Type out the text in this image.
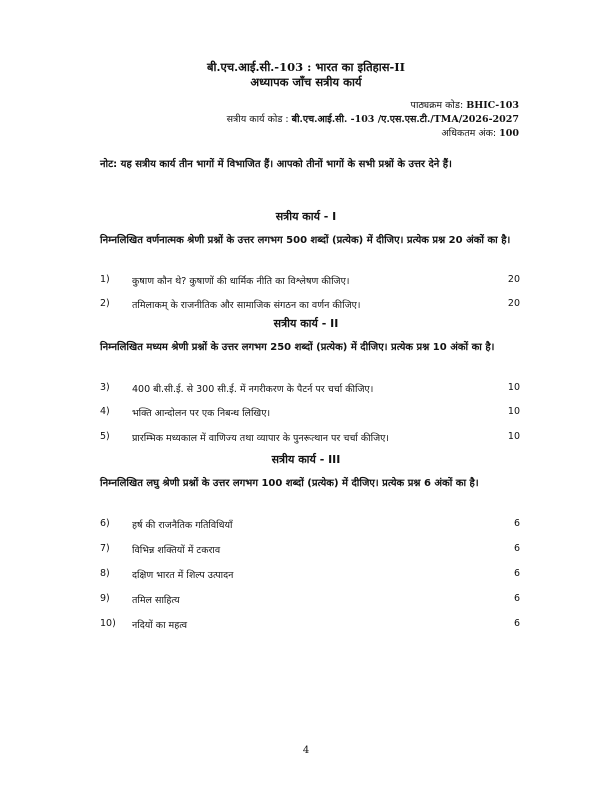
बी.एच.आई.सी.-103 : भारत का इतिहास-II
अध्यापक जाँच सत्रीय कार्य
पाठ्यक्रम कोड: BHIC-103
सत्रीय कार्य कोड : बी.एच.आई.सी. -103 /ए.एस.एस.टी./TMA/2026-2027
अधिकतम अंक: 100
नोट: यह सत्रीय कार्य तीन भागों में विभाजित हैं। आपको तीनों भागों के सभी प्रश्नों के उत्तर देने हैं।
सत्रीय कार्य - I
निम्नलिखित वर्णनात्मक श्रेणी प्रश्नों के उत्तर लगभग 500 शब्दों (प्रत्येक) में दीजिए। प्रत्येक प्रश्न 20 अंकों का है।
1) कुषाण कौन थे? कुषाणों की धार्मिक नीति का विश्लेषण कीजिए।	20
2) तमिलाकम् के राजनीतिक और सामाजिक संगठन का वर्णन कीजिए।	20
सत्रीय कार्य - II
निम्नलिखित मध्यम श्रेणी प्रश्नों के उत्तर लगभग 250 शब्दों (प्रत्येक) में दीजिए। प्रत्येक प्रश्न 10 अंकों का है।
3) 400 बी.सी.ई. से 300 सी.ई. में नगरीकरण के पैटर्न पर चर्चा कीजिए।	10
4) भक्ति आन्दोलन पर एक निबन्ध लिखिए।	10
5) प्रारम्भिक मध्यकाल में वाणिज्य तथा व्यापार के पुनरूत्थान पर चर्चा कीजिए।	10
सत्रीय कार्य - III
निम्नलिखित लघु श्रेणी प्रश्नों के उत्तर लगभग 100 शब्दों (प्रत्येक) में दीजिए। प्रत्येक प्रश्न 6 अंकों का है।
6) हर्ष की राजनैतिक गतिविधियाँ	6
7) विभिन्न शक्तियों में टकराव	6
8) दक्षिण भारत में शिल्प उत्पादन	6
9) तमिल साहित्य	6
10) नदियों का महत्व	6
4
